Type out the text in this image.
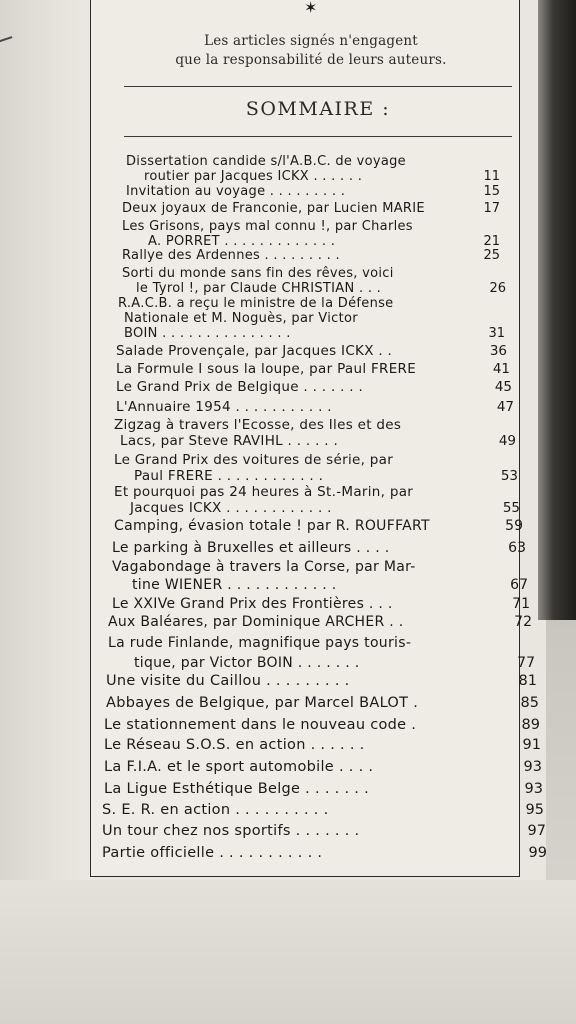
✶
Les articles signés n'engagent
que la responsabilité de leurs auteurs.
SOMMAIRE :
Dissertation candide s/l'A.B.C. de voyage
routier par Jacques ICKX . . . . . .	11
Invitation au voyage . . . . . . . . .	15
Deux joyaux de Franconie, par Lucien MARIE	17
Les Grisons, pays mal connu !, par Charles
A. PORRET . . . . . . . . . . . . .	21
Rallye des Ardennes . . . . . . . . .	25
Sorti du monde sans fin des rêves, voici
le Tyrol !, par Claude CHRISTIAN . . .	26
R.A.C.B. a reçu le ministre de la Défense
Nationale et M. Noguès, par Victor
BOIN . . . . . . . . . . . . . . .	31
Salade Provençale, par Jacques ICKX . .	36
La Formule I sous la loupe, par Paul FRERE	41
Le Grand Prix de Belgique . . . . . . .	45
L'Annuaire 1954 . . . . . . . . . . .	47
Zigzag à travers l'Ecosse, des Iles et des
Lacs, par Steve RAVIHL . . . . . .	49
Le Grand Prix des voitures de série, par
Paul FRERE . . . . . . . . . . . .	53
Et pourquoi pas 24 heures à St.-Marin, par
Jacques ICKX . . . . . . . . . . . .	55
Camping, évasion totale ! par R. ROUFFART	59
Le parking à Bruxelles et ailleurs . . . .	63
Vagabondage à travers la Corse, par Mar-
tine WIENER . . . . . . . . . . . .	67
Le XXIVe Grand Prix des Frontières . . .	71
Aux Baléares, par Dominique ARCHER . .	72
La rude Finlande, magnifique pays touris-
tique, par Victor BOIN . . . . . . .	77
Une visite du Caillou . . . . . . . . .	81
Abbayes de Belgique, par Marcel BALOT .	85
Le stationnement dans le nouveau code .	89
Le Réseau S.O.S. en action . . . . . .	91
La F.I.A. et le sport automobile . . . .	93
La Ligue Esthétique Belge . . . . . . .	93
S. E. R. en action . . . . . . . . . .	95
Un tour chez nos sportifs . . . . . . .	97
Partie officielle . . . . . . . . . . .	99
